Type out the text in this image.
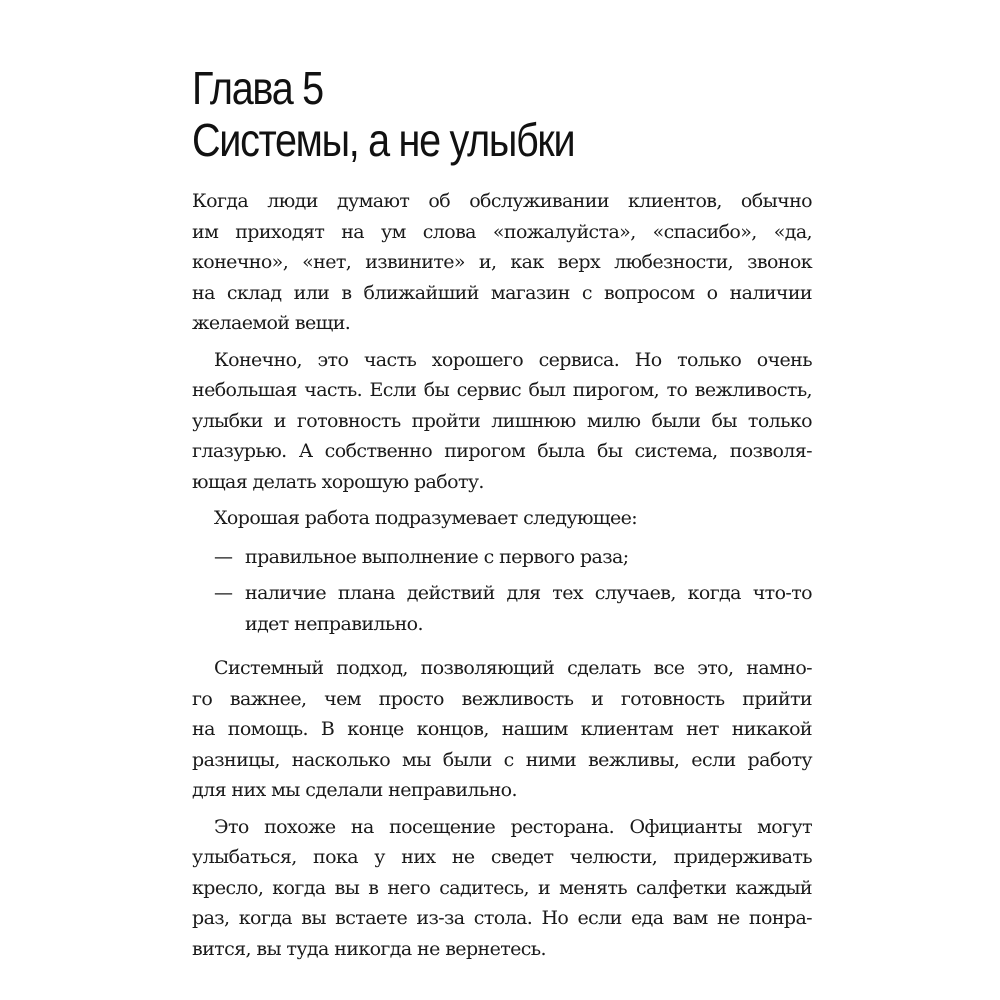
Глава 5
Системы, а не улыбки

Когда люди думают об обслуживании клиентов, обычно
им приходят на ум слова «пожалуйста», «спасибо», «да,
конечно», «нет, извините» и, как верх любезности, звонок
на склад или в ближайший магазин с вопросом о наличии
желаемой вещи.

Конечно, это часть хорошего сервиса. Но только очень
небольшая часть. Если бы сервис был пирогом, то вежливость,
улыбки и готовность пройти лишнюю милю были бы только
глазурью. А собственно пирогом была бы система, позволя-
ющая делать хорошую работу.

Хорошая работа подразумевает следующее:

— правильное выполнение с первого раза;
— наличие плана действий для тех случаев, когда что-то
идет неправильно.

Системный подход, позволяющий сделать все это, намно-
го важнее, чем просто вежливость и готовность прийти
на помощь. В конце концов, нашим клиентам нет никакой
разницы, насколько мы были с ними вежливы, если работу
для них мы сделали неправильно.

Это похоже на посещение ресторана. Официанты могут
улыбаться, пока у них не сведет челюсти, придерживать
кресло, когда вы в него садитесь, и менять салфетки каждый
раз, когда вы встаете из-за стола. Но если еда вам не понра-
вится, вы туда никогда не вернетесь.
